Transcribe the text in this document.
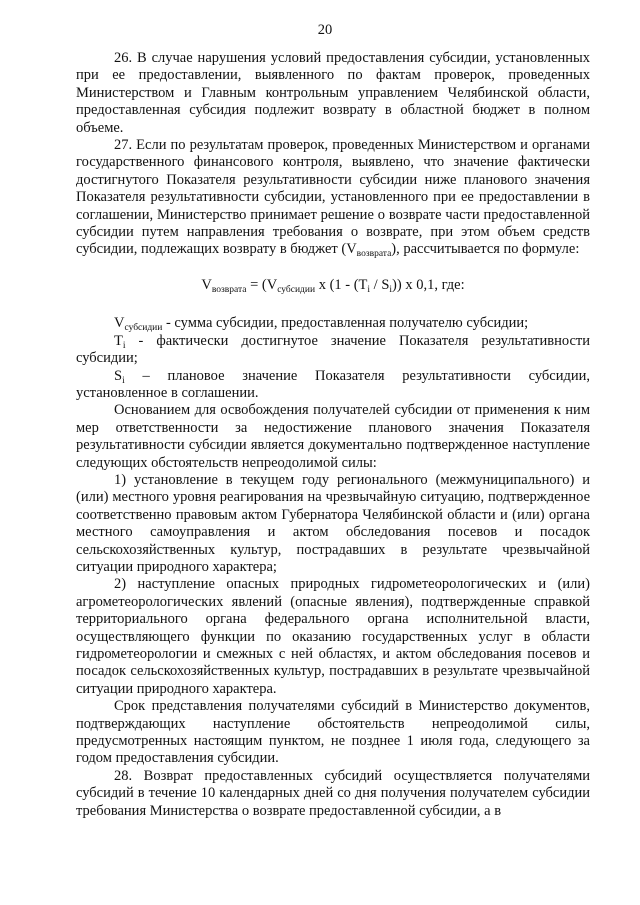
20

26. В случае нарушения условий предоставления субсидии, установленных при ее предоставлении, выявленного по фактам проверок, проведенных Министерством и Главным контрольным управлением Челябинской области, предоставленная субсидия подлежит возврату в областной бюджет в полном объеме.

27. Если по результатам проверок, проведенных Министерством и органами государственного финансового контроля, выявлено, что значение фактически достигнутого Показателя результативности субсидии ниже планового значения Показателя результативности субсидии, установленного при ее предоставлении в соглашении, Министерство принимает решение о возврате части предоставленной субсидии путем направления требования о возврате, при этом объем средств субсидии, подлежащих возврату в бюджет $(V_{возврата})$, рассчитывается по формуле:

$V_{возврата} = (V_{субсидии}$ x $(1 - (T_i / S_i))$ x 0,1, где:

$V_{субсидии}$ - сумма субсидии, предоставленная получателю субсидии;

$T_i$ - фактически достигнутое значение Показателя результативности субсидии;

$S_i$ – плановое значение Показателя результативности субсидии, установленное в соглашении.

Основанием для освобождения получателей субсидии от применения к ним мер ответственности за недостижение планового значения Показателя результативности субсидии является документально подтвержденное наступление следующих обстоятельств непреодолимой силы:

1) установление в текущем году регионального (межмуниципального) и (или) местного уровня реагирования на чрезвычайную ситуацию, подтвержденное соответственно правовым актом Губернатора Челябинской области и (или) органа местного самоуправления и актом обследования посевов и посадок сельскохозяйственных культур, пострадавших в результате чрезвычайной ситуации природного характера;

2) наступление опасных природных гидрометеорологических и (или) агрометеорологических явлений (опасные явления), подтвержденные справкой территориального органа федерального органа исполнительной власти, осуществляющего функции по оказанию государственных услуг в области гидрометеорологии и смежных с ней областях, и актом обследования посевов и посадок сельскохозяйственных культур, пострадавших в результате чрезвычайной ситуации природного характера.

Срок представления получателями субсидий в Министерство документов, подтверждающих наступление обстоятельств непреодолимой силы, предусмотренных настоящим пунктом, не позднее 1 июля года, следующего за годом предоставления субсидии.

28. Возврат предоставленных субсидий осуществляется получателями субсидий в течение 10 календарных дней со дня получения получателем субсидии требования Министерства о возврате предоставленной субсидии, а в
